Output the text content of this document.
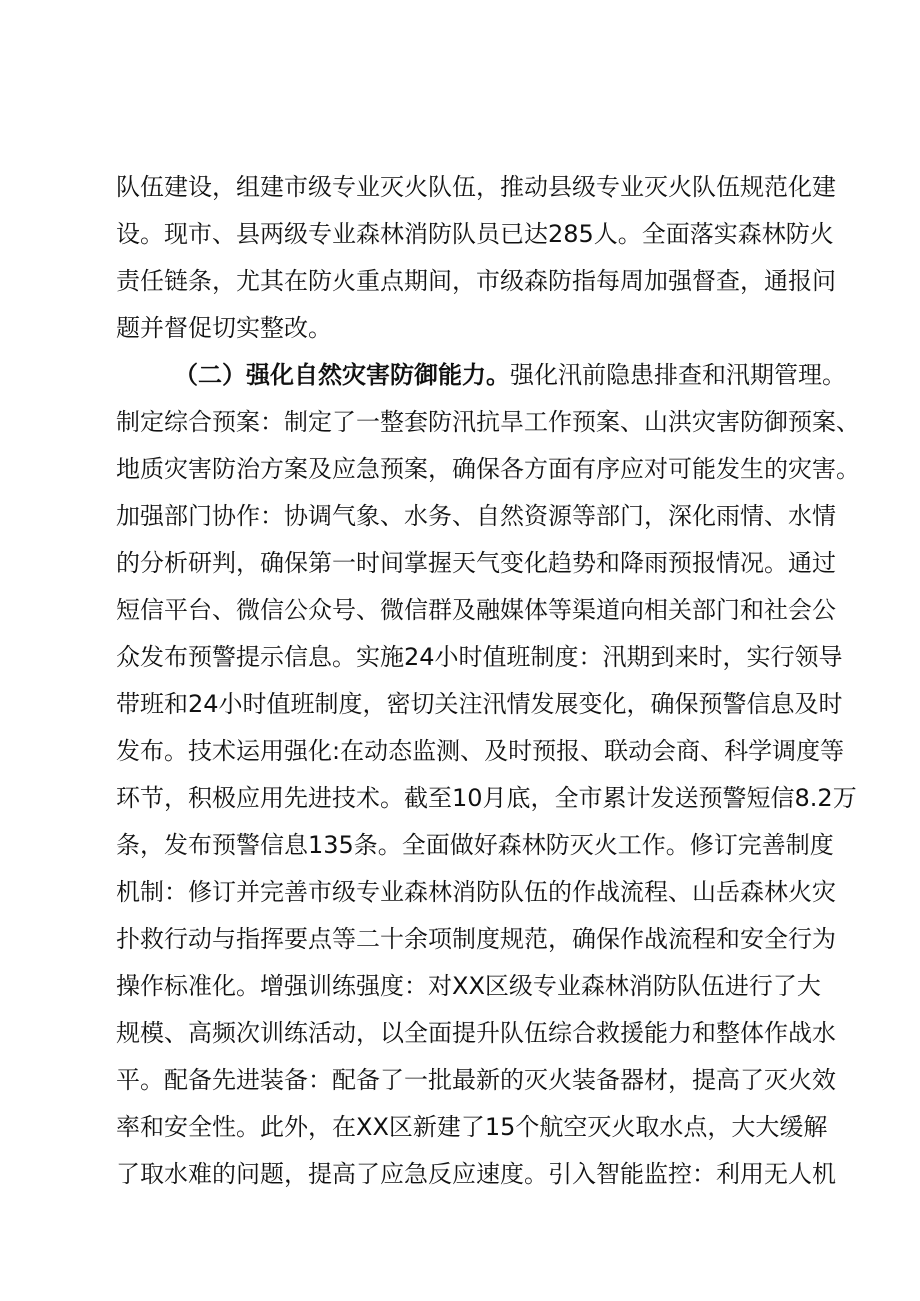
队伍建设，组建市级专业灭火队伍，推动县级专业灭火队伍规范化建
设。现市、县两级专业森林消防队员已达285人。全面落实森林防火
责任链条，尤其在防火重点期间，市级森防指每周加强督查，通报问
题并督促切实整改。
（二）强化自然灾害防御能力。强化汛前隐患排查和汛期管理。
制定综合预案：制定了一整套防汛抗旱工作预案、山洪灾害防御预案、
地质灾害防治方案及应急预案，确保各方面有序应对可能发生的灾害。
加强部门协作：协调气象、水务、自然资源等部门，深化雨情、水情
的分析研判，确保第一时间掌握天气变化趋势和降雨预报情况。通过
短信平台、微信公众号、微信群及融媒体等渠道向相关部门和社会公
众发布预警提示信息。实施24小时值班制度：汛期到来时，实行领导
带班和24小时值班制度，密切关注汛情发展变化，确保预警信息及时
发布。技术运用强化:在动态监测、及时预报、联动会商、科学调度等
环节，积极应用先进技术。截至10月底，全市累计发送预警短信8.2万
条，发布预警信息135条。全面做好森林防灭火工作。修订完善制度
机制：修订并完善市级专业森林消防队伍的作战流程、山岳森林火灾
扑救行动与指挥要点等二十余项制度规范，确保作战流程和安全行为
操作标准化。增强训练强度：对XX区级专业森林消防队伍进行了大
规模、高频次训练活动，以全面提升队伍综合救援能力和整体作战水
平。配备先进装备：配备了一批最新的灭火装备器材，提高了灭火效
率和安全性。此外，在XX区新建了15个航空灭火取水点，大大缓解
了取水难的问题，提高了应急反应速度。引入智能监控：利用无人机
